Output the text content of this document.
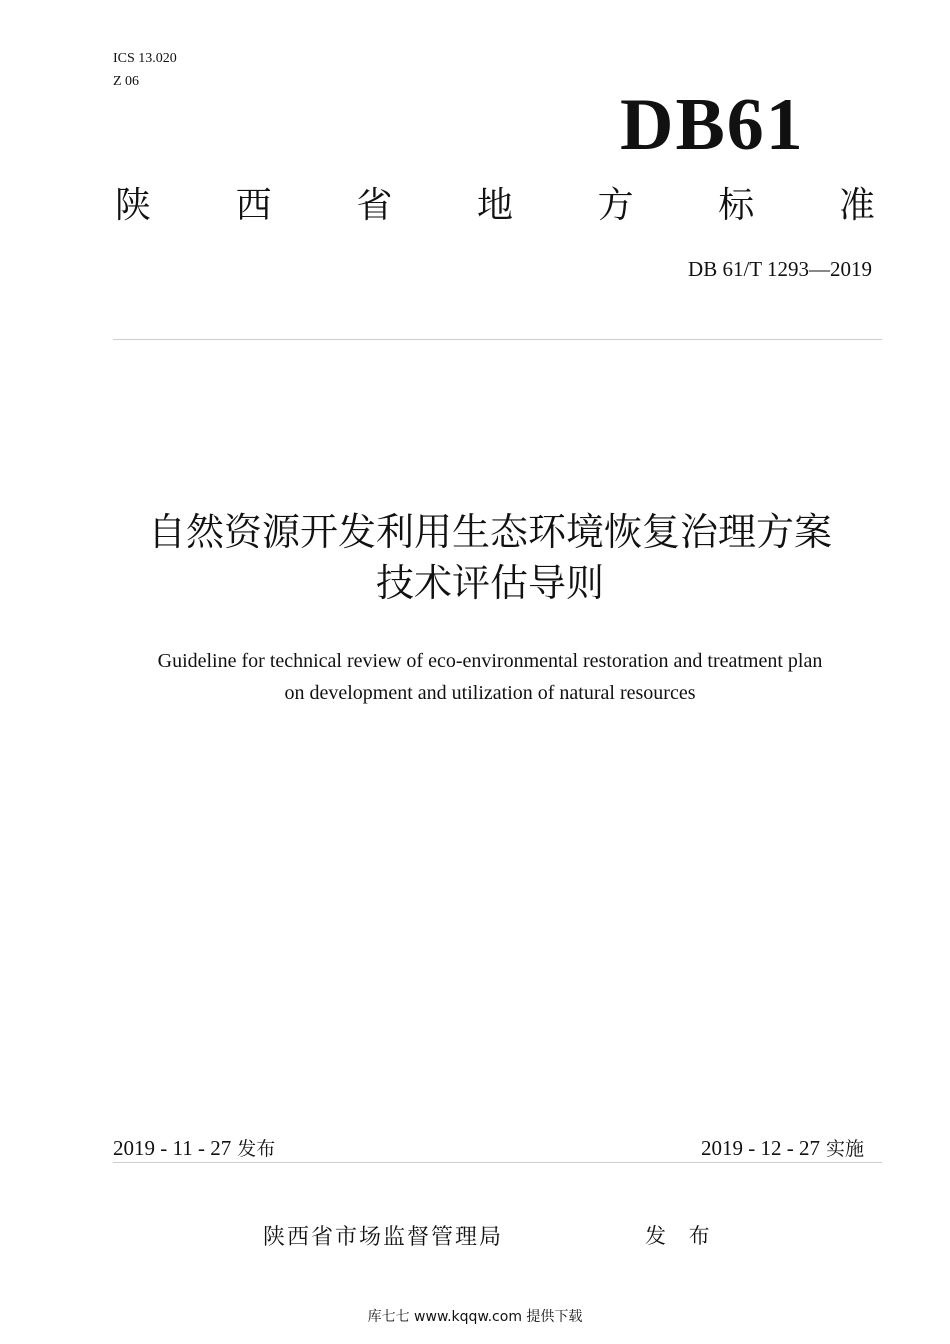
ICS 13.020
Z 06
DB61
陕 西 省 地 方 标 准
DB 61/T 1293—2019
自然资源开发利用生态环境恢复治理方案
技术评估导则
Guideline for technical review of eco-environmental restoration and treatment plan
on development and utilization of natural resources
2019 - 11 - 27 发布	2019 - 12 - 27 实施
陕西省市场监督管理局	发 布
库七七 www.kqqw.com 提供下载
